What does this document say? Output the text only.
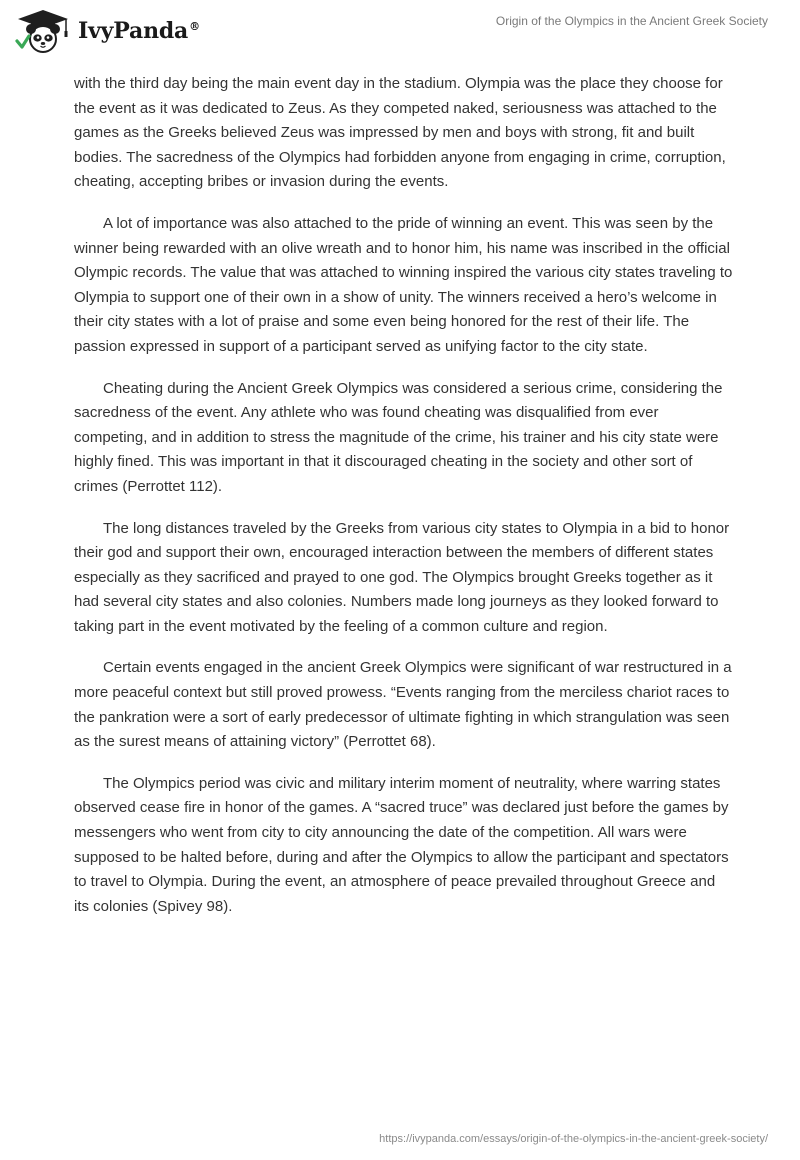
IvyPanda®	Origin of the Olympics in the Ancient Greek Society

with the third day being the main event day in the stadium. Olympia was the place they choose for the event as it was dedicated to Zeus. As they competed naked, seriousness was attached to the games as the Greeks believed Zeus was impressed by men and boys with strong, fit and built bodies. The sacredness of the Olympics had forbidden anyone from engaging in crime, corruption, cheating, accepting bribes or invasion during the events.

A lot of importance was also attached to the pride of winning an event. This was seen by the winner being rewarded with an olive wreath and to honor him, his name was inscribed in the official Olympic records. The value that was attached to winning inspired the various city states traveling to Olympia to support one of their own in a show of unity. The winners received a hero’s welcome in their city states with a lot of praise and some even being honored for the rest of their life. The passion expressed in support of a participant served as unifying factor to the city state.

Cheating during the Ancient Greek Olympics was considered a serious crime, considering the sacredness of the event. Any athlete who was found cheating was disqualified from ever competing, and in addition to stress the magnitude of the crime, his trainer and his city state were highly fined. This was important in that it discouraged cheating in the society and other sort of crimes (Perrottet 112).

The long distances traveled by the Greeks from various city states to Olympia in a bid to honor their god and support their own, encouraged interaction between the members of different states especially as they sacrificed and prayed to one god. The Olympics brought Greeks together as it had several city states and also colonies. Numbers made long journeys as they looked forward to taking part in the event motivated by the feeling of a common culture and region.

Certain events engaged in the ancient Greek Olympics were significant of war restructured in a more peaceful context but still proved prowess. “Events ranging from the merciless chariot races to the pankration were a sort of early predecessor of ultimate fighting in which strangulation was seen as the surest means of attaining victory” (Perrottet 68).

The Olympics period was civic and military interim moment of neutrality, where warring states observed cease fire in honor of the games. A “sacred truce” was declared just before the games by messengers who went from city to city announcing the date of the competition. All wars were supposed to be halted before, during and after the Olympics to allow the participant and spectators to travel to Olympia. During the event, an atmosphere of peace prevailed throughout Greece and its colonies (Spivey 98).

https://ivypanda.com/essays/origin-of-the-olympics-in-the-ancient-greek-society/
